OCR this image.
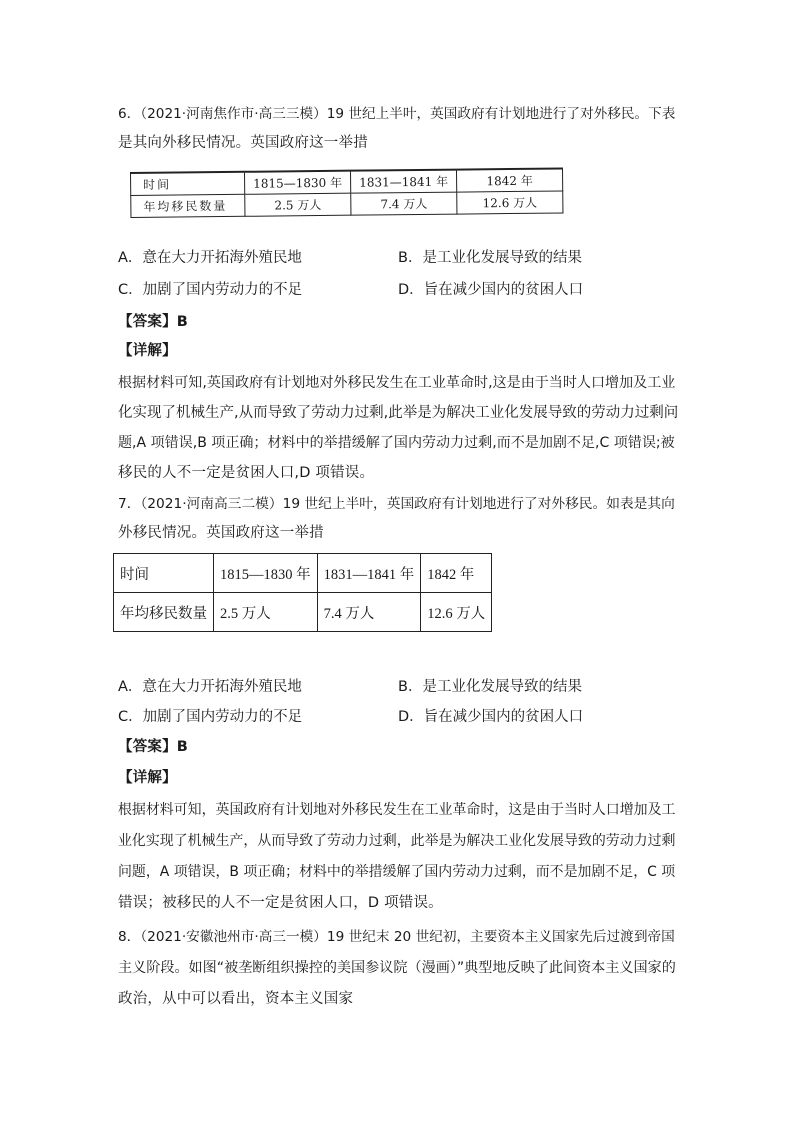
6．（2021·河南焦作市·高三三模）19 世纪上半叶，英国政府有计划地进行了对外移民。下表
是其向外移民情况。英国政府这一举措
时间	1815—1830 年	1831—1841 年	1842 年
年均移民数量	2.5 万人	7.4 万人	12.6 万人
A．意在大力开拓海外殖民地	B．是工业化发展导致的结果
C．加剧了国内劳动力的不足	D．旨在减少国内的贫困人口
【答案】B
【详解】
根据材料可知,英国政府有计划地对外移民发生在工业革命时,这是由于当时人口增加及工业
化实现了机械生产,从而导致了劳动力过剩,此举是为解决工业化发展导致的劳动力过剩问
题,A 项错误,B 项正确；材料中的举措缓解了国内劳动力过剩,而不是加剧不足,C 项错误;被
移民的人不一定是贫困人口,D 项错误。
7．（2021·河南高三二模）19 世纪上半叶，英国政府有计划地进行了对外移民。如表是其向
外移民情况。英国政府这一举措
时间	1815—1830 年	1831—1841 年	1842 年
年均移民数量	2.5 万人	7.4 万人	12.6 万人
A．意在大力开拓海外殖民地	B．是工业化发展导致的结果
C．加剧了国内劳动力的不足	D．旨在减少国内的贫困人口
【答案】B
【详解】
根据材料可知，英国政府有计划地对外移民发生在工业革命时，这是由于当时人口增加及工
业化实现了机械生产，从而导致了劳动力过剩，此举是为解决工业化发展导致的劳动力过剩
问题，A 项错误，B 项正确；材料中的举措缓解了国内劳动力过剩，而不是加剧不足，C 项
错误；被移民的人不一定是贫困人口，D 项错误。
8．（2021·安徽池州市·高三一模）19 世纪末 20 世纪初，主要资本主义国家先后过渡到帝国
主义阶段。如图“被垄断组织操控的美国参议院（漫画）”典型地反映了此间资本主义国家的
政治，从中可以看出，资本主义国家
